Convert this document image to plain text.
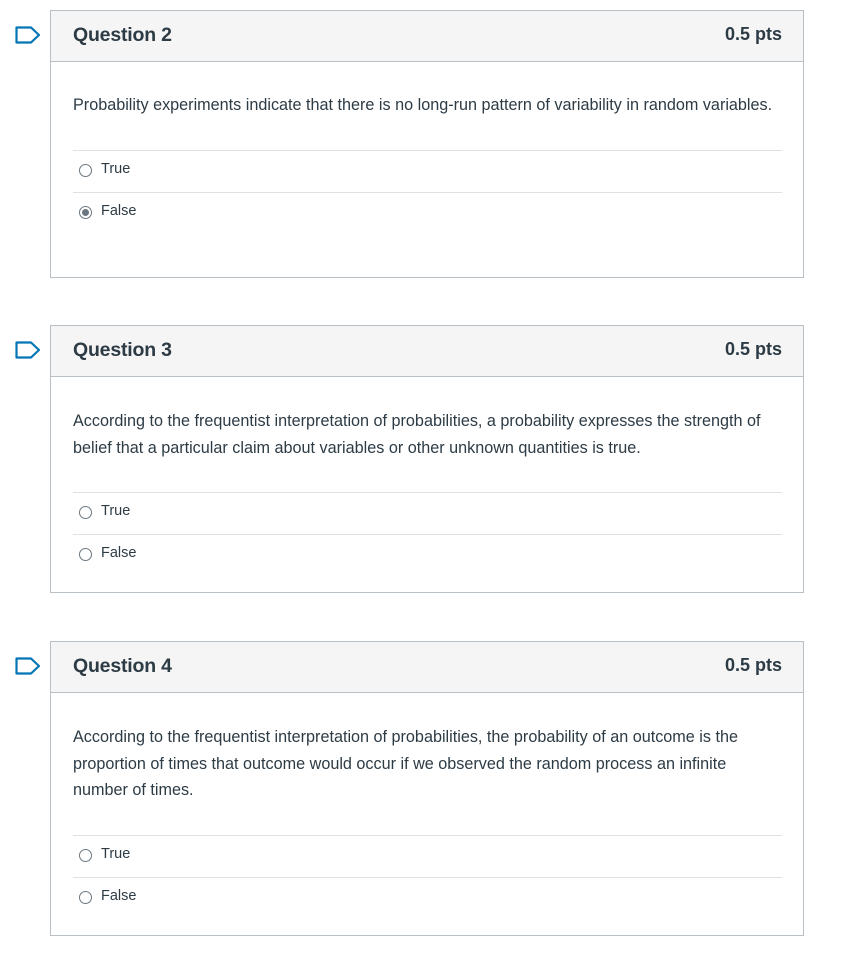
Question 2	0.5 pts

Probability experiments indicate that there is no long-run pattern of variability in random variables.

True
False
Question 3	0.5 pts

According to the frequentist interpretation of probabilities, a probability expresses the strength of belief that a particular claim about variables or other unknown quantities is true.

True
False
Question 4	0.5 pts

According to the frequentist interpretation of probabilities, the probability of an outcome is the proportion of times that outcome would occur if we observed the random process an infinite number of times.

True
False
